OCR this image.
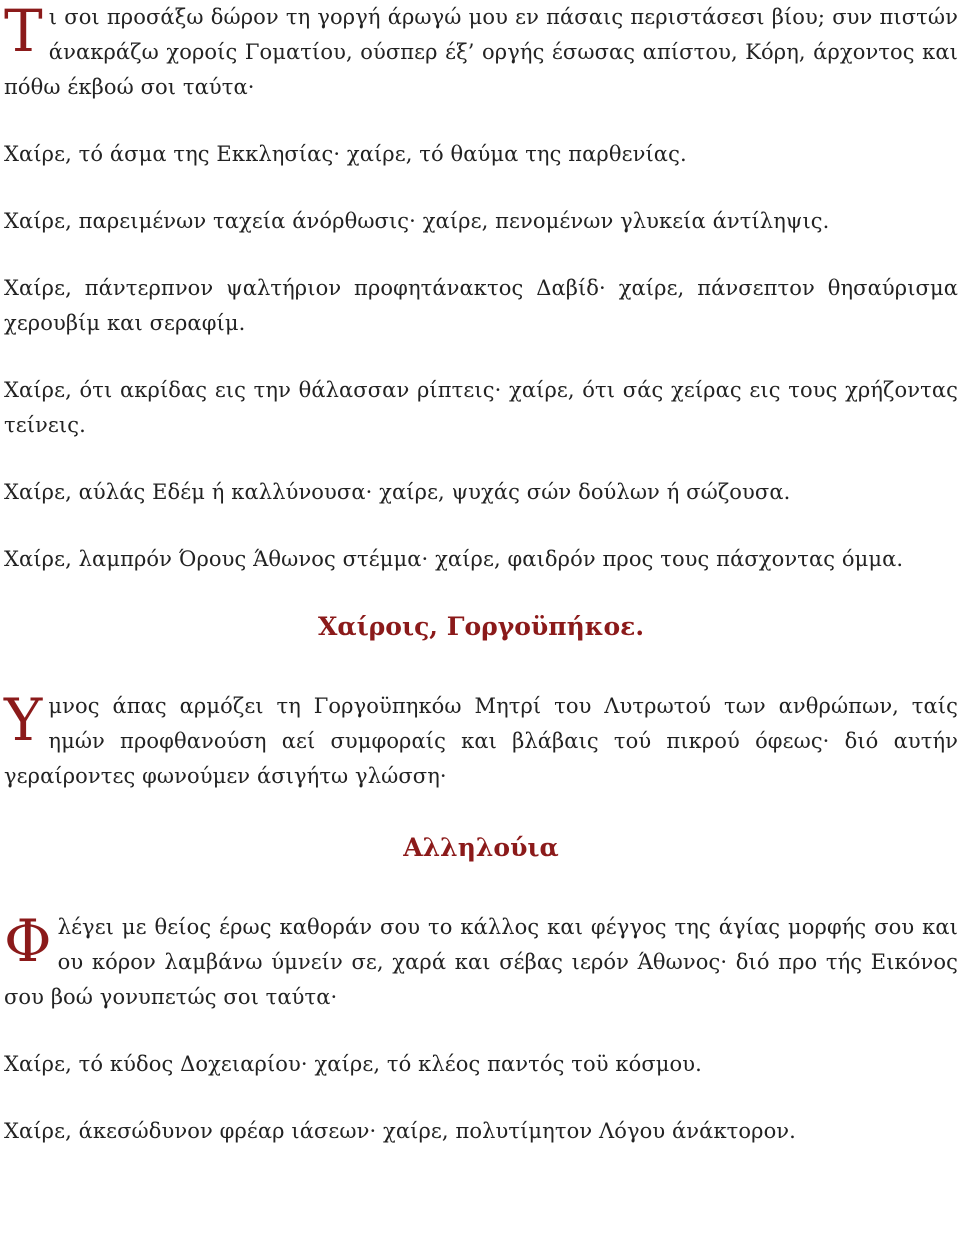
Τι σοι προσάξω δώρον τη γοργή άρωγώ μου εν πάσαις περιστάσεσι βίου; συν πιστών άνακράζω χοροίς Γοματίου, ούσπερ έξ’ οργής έσωσας απίστου, Κόρη, άρχοντος και πόθω έκβοώ σοι ταύτα·

Χαίρε, τό άσμα της Εκκλησίας· χαίρε, τό θαύμα της παρθενίας.

Χαίρε, παρειμένων ταχεία άνόρθωσις· χαίρε, πενομένων γλυκεία άντίληψις.

Χαίρε, πάντερπνον ψαλτήριον προφητάνακτος Δαβίδ· χαίρε, πάνσεπτον θησαύρισμα χερουβίμ και σεραφίμ.

Χαίρε, ότι ακρίδας εις την θάλασσαν ρίπτεις· χαίρε, ότι σάς χείρας εις τους χρήζοντας τείνεις.

Χαίρε, αύλάς Εδέμ ή καλλύνουσα· χαίρε, ψυχάς σών δούλων ή σώζουσα.

Χαίρε, λαμπρόν Όρους Άθωνος στέμμα· χαίρε, φαιδρόν προς τους πάσχοντας όμμα.

Χαίροις, Γοργοϋπήκοε.

Υμνος άπας αρμόζει τη Γοργοϋπηκόω Μητρί του Λυτρωτού των ανθρώπων, ταίς ημών προφθανούση αεί συμφοραίς και βλάβαις τού πικρού όφεως· διό αυτήν γεραίροντες φωνούμεν άσιγήτω γλώσση·

Αλληλούια

Φλέγει με θείος έρως καθοράν σου το κάλλος και φέγγος της άγίας μορφής σου και ου κόρον λαμβάνω ύμνείν σε, χαρά και σέβας ιερόν Άθωνος· διό προ τής Εικόνος σου βοώ γονυπετώς σοι ταύτα·

Χαίρε, τό κύδος Δοχειαρίου· χαίρε, τό κλέος παντός τοϋ κόσμου.

Χαίρε, άκεσώδυνον φρέαρ ιάσεων· χαίρε, πολυτίμητον Λόγου άνάκτορον.
